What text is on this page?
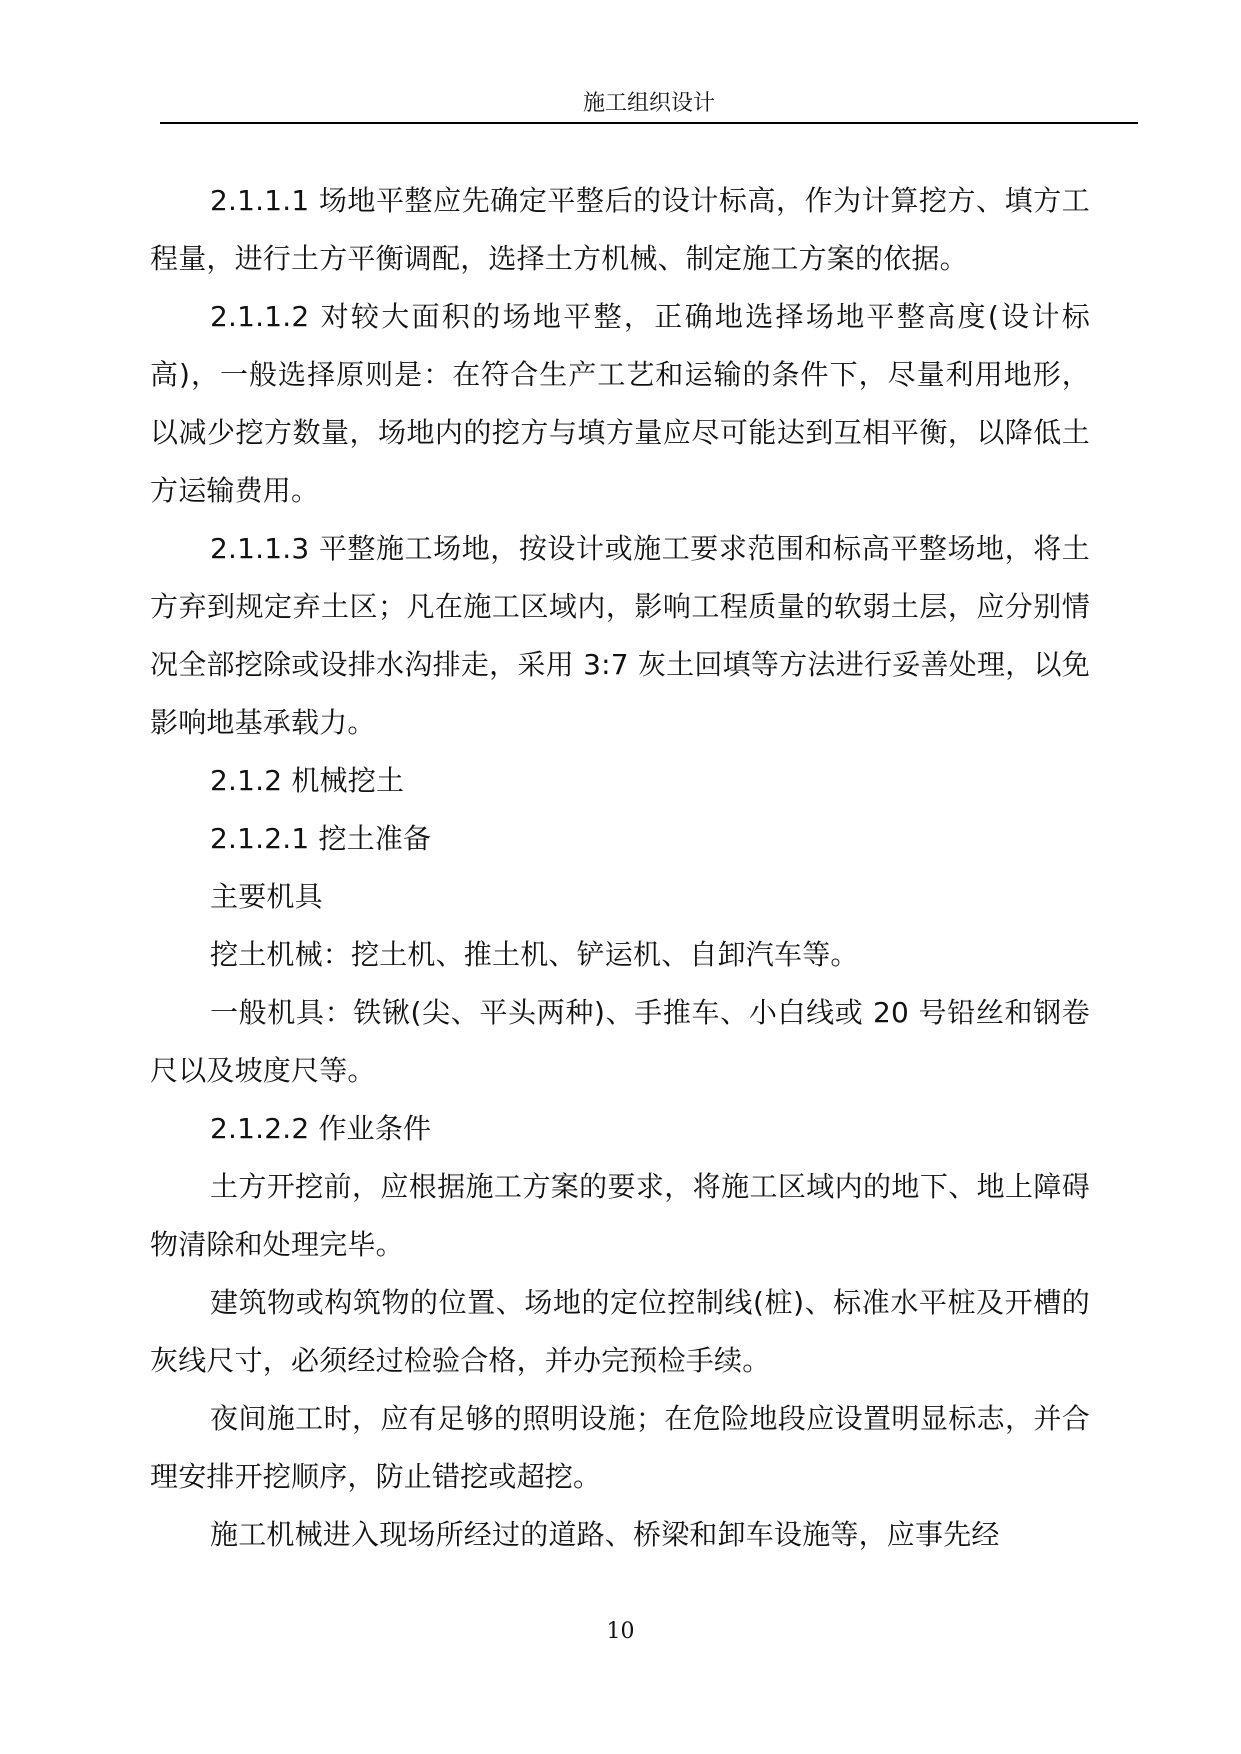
施工组织设计

2.1.1.1 场地平整应先确定平整后的设计标高，作为计算挖方、填方工程量，进行土方平衡调配，选择土方机械、制定施工方案的依据。

2.1.1.2 对较大面积的场地平整，正确地选择场地平整高度(设计标高)，一般选择原则是：在符合生产工艺和运输的条件下，尽量利用地形，以减少挖方数量，场地内的挖方与填方量应尽可能达到互相平衡，以降低土方运输费用。

2.1.1.3 平整施工场地，按设计或施工要求范围和标高平整场地，将土方弃到规定弃土区；凡在施工区域内，影响工程质量的软弱土层，应分别情况全部挖除或设排水沟排走，采用 3:7 灰土回填等方法进行妥善处理，以免影响地基承载力。

2.1.2 机械挖土

2.1.2.1 挖土准备

主要机具

挖土机械：挖土机、推土机、铲运机、自卸汽车等。

一般机具：铁锹(尖、平头两种)、手推车、小白线或 20 号铅丝和钢卷尺以及坡度尺等。

2.1.2.2 作业条件

土方开挖前，应根据施工方案的要求，将施工区域内的地下、地上障碍物清除和处理完毕。

建筑物或构筑物的位置、场地的定位控制线(桩)、标准水平桩及开槽的灰线尺寸，必须经过检验合格，并办完预检手续。

夜间施工时，应有足够的照明设施；在危险地段应设置明显标志，并合理安排开挖顺序，防止错挖或超挖。

施工机械进入现场所经过的道路、桥梁和卸车设施等，应事先经

10
